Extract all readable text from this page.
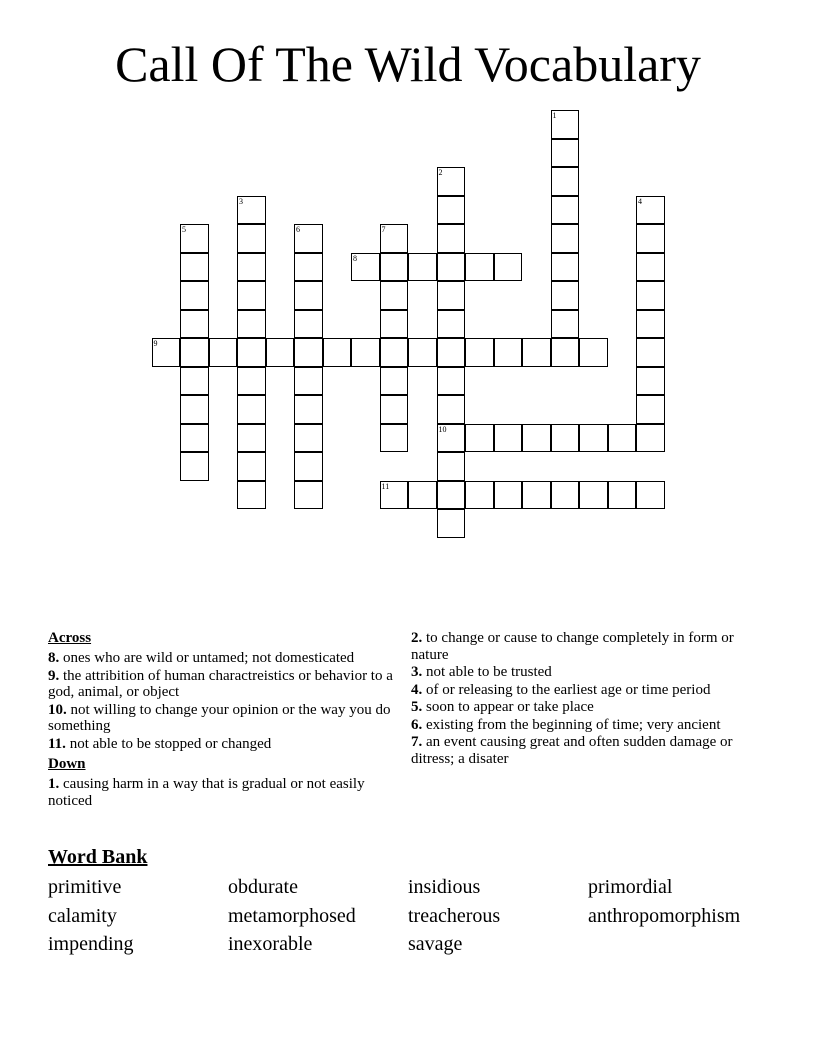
Call Of The Wild Vocabulary
1
2
10
3	4
5	6	7
8
9
11
Across
8. ones who are wild or untamed; not domesticated
9. the attribition of human charactreistics or behavior to a god, animal, or object
10. not willing to change your opinion or the way you do something
11. not able to be stopped or changed
Down
1. causing harm in a way that is gradual or not easily noticed
2. to change or cause to change completely in form or nature
3. not able to be trusted
4. of or releasing to the earliest age or time period
5. soon to appear or take place
6. existing from the beginning of time; very ancient
7. an event causing great and often sudden damage or ditress; a disater
Word Bank
primitive	obdurate	insidious	primordial
calamity	metamorphosed	treacherous	anthropomorphism
impending	inexorable	savage
